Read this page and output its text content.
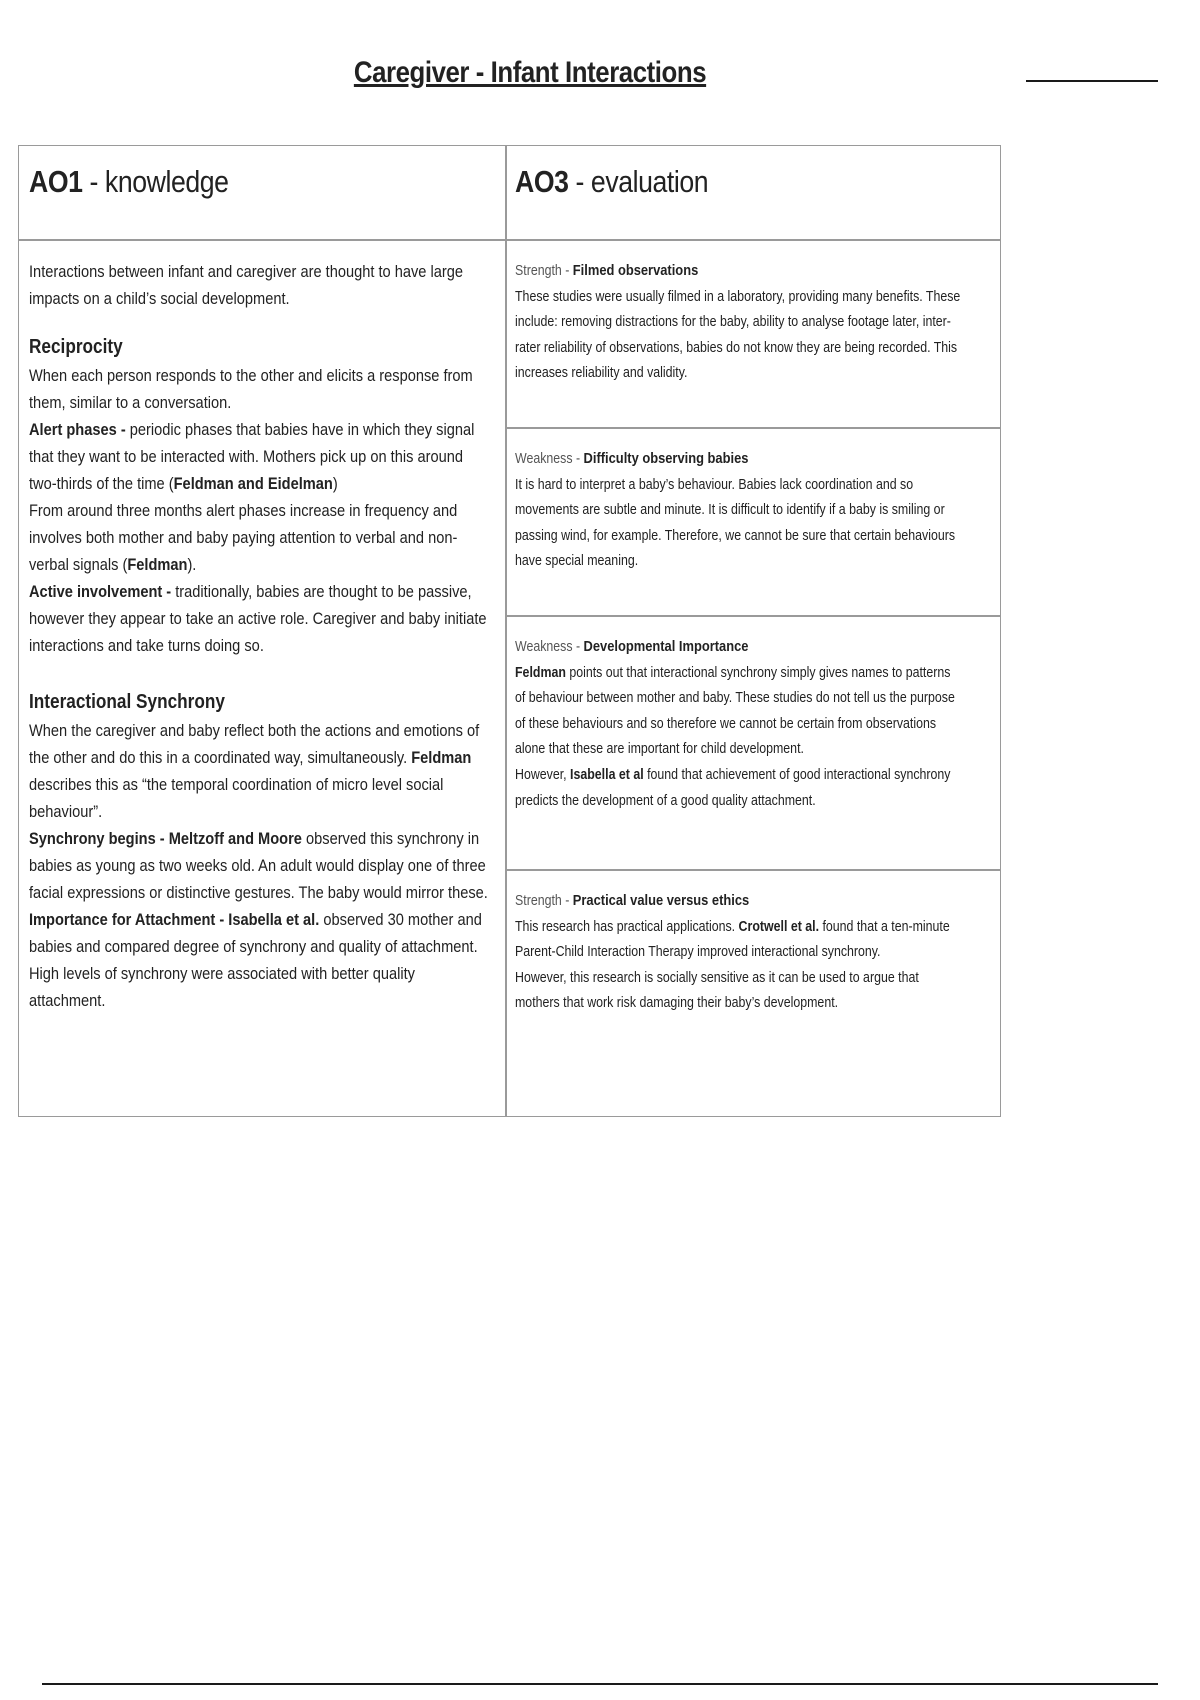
Caregiver - Infant Interactions
AO1 - knowledge	AO3 - evaluation

Interactions between infant and caregiver are thought to have large impacts on a child’s social development.

Reciprocity

When each person responds to the other and elicits a response from them, similar to a conversation.

Alert phases - periodic phases that babies have in which they signal that they want to be interacted with. Mothers pick up on this around two-thirds of the time (Feldman and Eidelman)

From around three months alert phases increase in frequency and involves both mother and baby paying attention to verbal and non-verbal signals (Feldman).

Active involvement - traditionally, babies are thought to be passive, however they appear to take an active role. Caregiver and baby initiate interactions and take turns doing so.

Interactional Synchrony

When the caregiver and baby reflect both the actions and emotions of the other and do this in a coordinated way, simultaneously. Feldman describes this as “the temporal coordination of micro level social behaviour”.

Synchrony begins - Meltzoff and Moore observed this synchrony in babies as young as two weeks old. An adult would display one of three facial expressions or distinctive gestures. The baby would mirror these.

Importance for Attachment - Isabella et al. observed 30 mother and babies and compared degree of synchrony and quality of attachment. High levels of synchrony were associated with better quality attachment.

Strength - Filmed observations

These studies were usually filmed in a laboratory, providing many benefits. These include: removing distractions for the baby, ability to analyse footage later, inter-rater reliability of observations, babies do not know they are being recorded. This increases reliability and validity.

Weakness - Difficulty observing babies

It is hard to interpret a baby’s behaviour. Babies lack coordination and so movements are subtle and minute. It is difficult to identify if a baby is smiling or passing wind, for example. Therefore, we cannot be sure that certain behaviours have special meaning.

Weakness - Developmental Importance

Feldman points out that interactional synchrony simply gives names to patterns of behaviour between mother and baby. These studies do not tell us the purpose of these behaviours and so therefore we cannot be certain from observations alone that these are important for child development.

However, Isabella et al found that achievement of good interactional synchrony predicts the development of a good quality attachment.

Strength - Practical value versus ethics

This research has practical applications. Crotwell et al. found that a ten-minute Parent-Child Interaction Therapy improved interactional synchrony.

However, this research is socially sensitive as it can be used to argue that mothers that work risk damaging their baby’s development.
